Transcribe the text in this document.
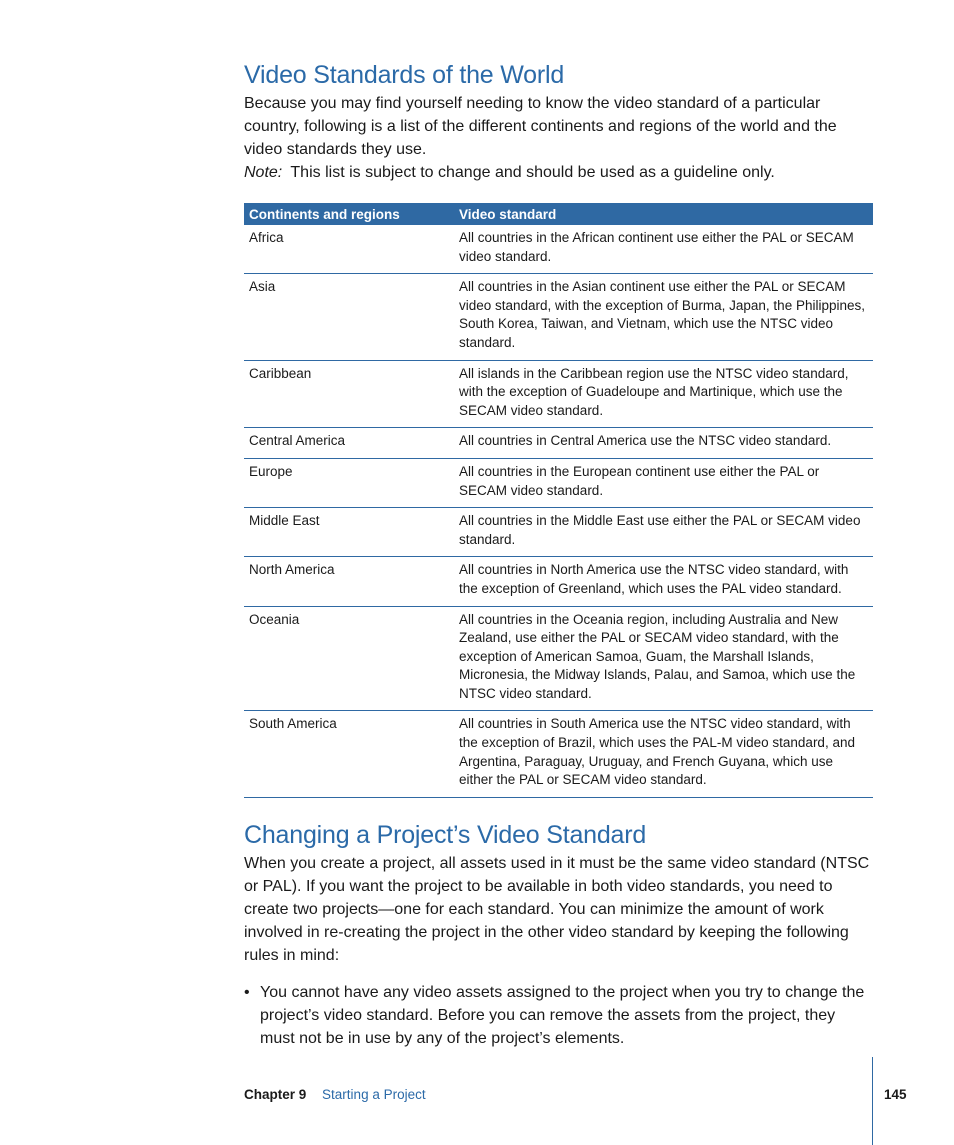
Video Standards of the World

Because you may find yourself needing to know the video standard of a particular country, following is a list of the different continents and regions of the world and the video standards they use.

Note: This list is subject to change and should be used as a guideline only.

Continents and regions	Video standard
Africa	All countries in the African continent use either the PAL or SECAM video standard.
Asia	All countries in the Asian continent use either the PAL or SECAM video standard, with the exception of Burma, Japan, the Philippines, South Korea, Taiwan, and Vietnam, which use the NTSC video standard.
Caribbean	All islands in the Caribbean region use the NTSC video standard, with the exception of Guadeloupe and Martinique, which use the SECAM video standard.
Central America	All countries in Central America use the NTSC video standard.
Europe	All countries in the European continent use either the PAL or SECAM video standard.
Middle East	All countries in the Middle East use either the PAL or SECAM video standard.
North America	All countries in North America use the NTSC video standard, with the exception of Greenland, which uses the PAL video standard.
Oceania	All countries in the Oceania region, including Australia and New Zealand, use either the PAL or SECAM video standard, with the exception of American Samoa, Guam, the Marshall Islands, Micronesia, the Midway Islands, Palau, and Samoa, which use the NTSC video standard.
South America	All countries in South America use the NTSC video standard, with the exception of Brazil, which uses the PAL-M video standard, and Argentina, Paraguay, Uruguay, and French Guyana, which use either the PAL or SECAM video standard.
Changing a Project’s Video Standard

When you create a project, all assets used in it must be the same video standard (NTSC or PAL). If you want the project to be available in both video standards, you need to create two projects—one for each standard. You can minimize the amount of work involved in re-creating the project in the other video standard by keeping the following rules in mind:

• You cannot have any video assets assigned to the project when you try to change the project’s video standard. Before you can remove the assets from the project, they must not be in use by any of the project’s elements.
Chapter 9 Starting a Project	145
